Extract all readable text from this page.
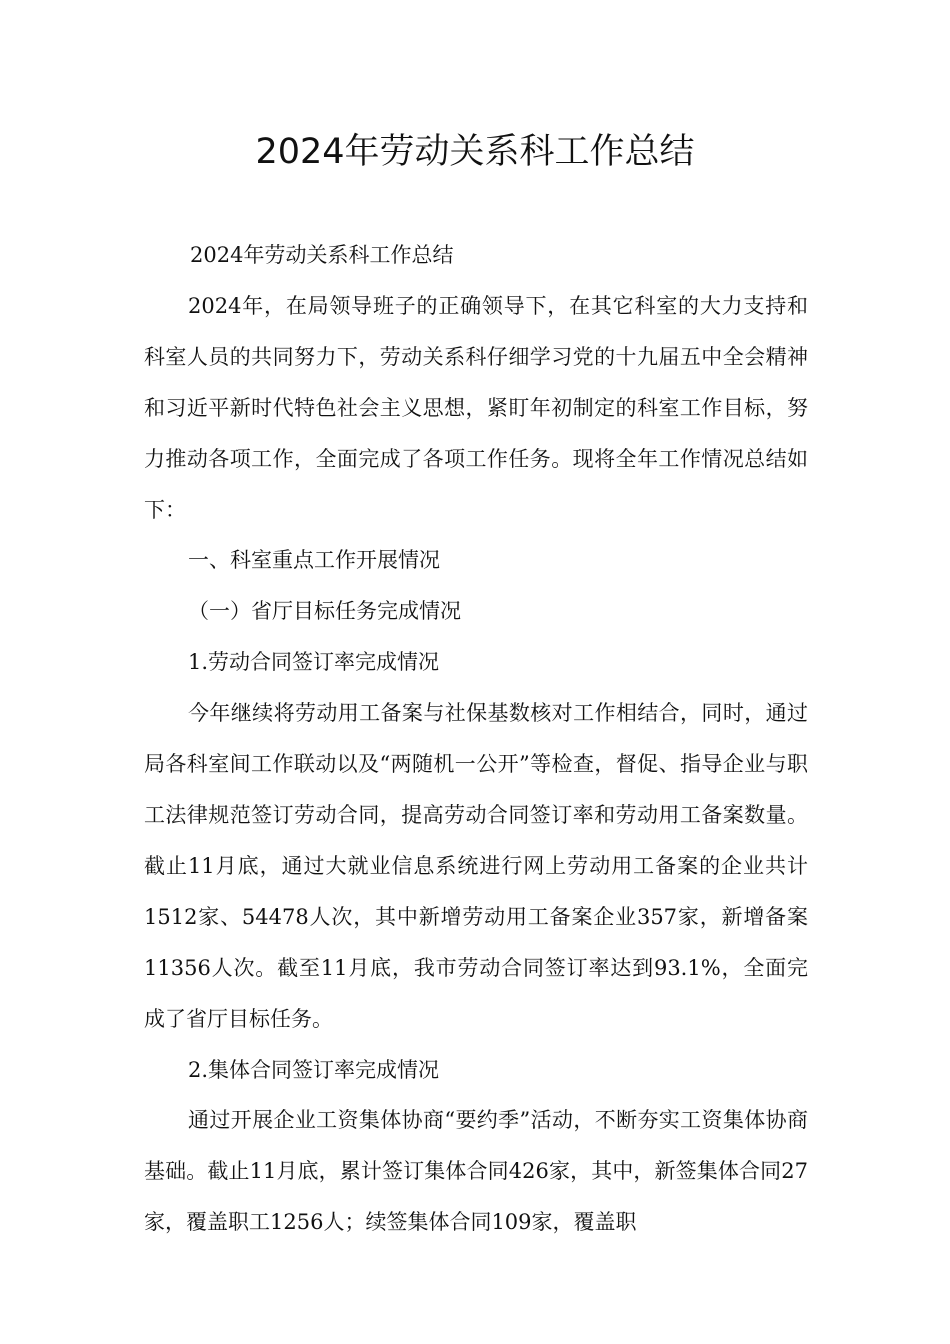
2024年劳动关系科工作总结

2024年劳动关系科工作总结

2024年，在局领导班子的正确领导下，在其它科室的大力支持和科室人员的共同努力下，劳动关系科仔细学习党的十九届五中全会精神和习近平新时代特色社会主义思想，紧盯年初制定的科室工作目标，努力推动各项工作，全面完成了各项工作任务。现将全年工作情况总结如下：

一、科室重点工作开展情况

（一）省厅目标任务完成情况

1.劳动合同签订率完成情况

今年继续将劳动用工备案与社保基数核对工作相结合，同时，通过局各科室间工作联动以及“两随机一公开”等检查，督促、指导企业与职工法律规范签订劳动合同，提高劳动合同签订率和劳动用工备案数量。截止11月底，通过大就业信息系统进行网上劳动用工备案的企业共计1512家、54478人次，其中新增劳动用工备案企业357家，新增备案11356人次。截至11月底，我市劳动合同签订率达到93.1%，全面完成了省厅目标任务。

2.集体合同签订率完成情况

通过开展企业工资集体协商“要约季”活动，不断夯实工资集体协商基础。截止11月底，累计签订集体合同426家，其中，新签集体合同27家，覆盖职工1256人；续签集体合同109家，覆盖职
